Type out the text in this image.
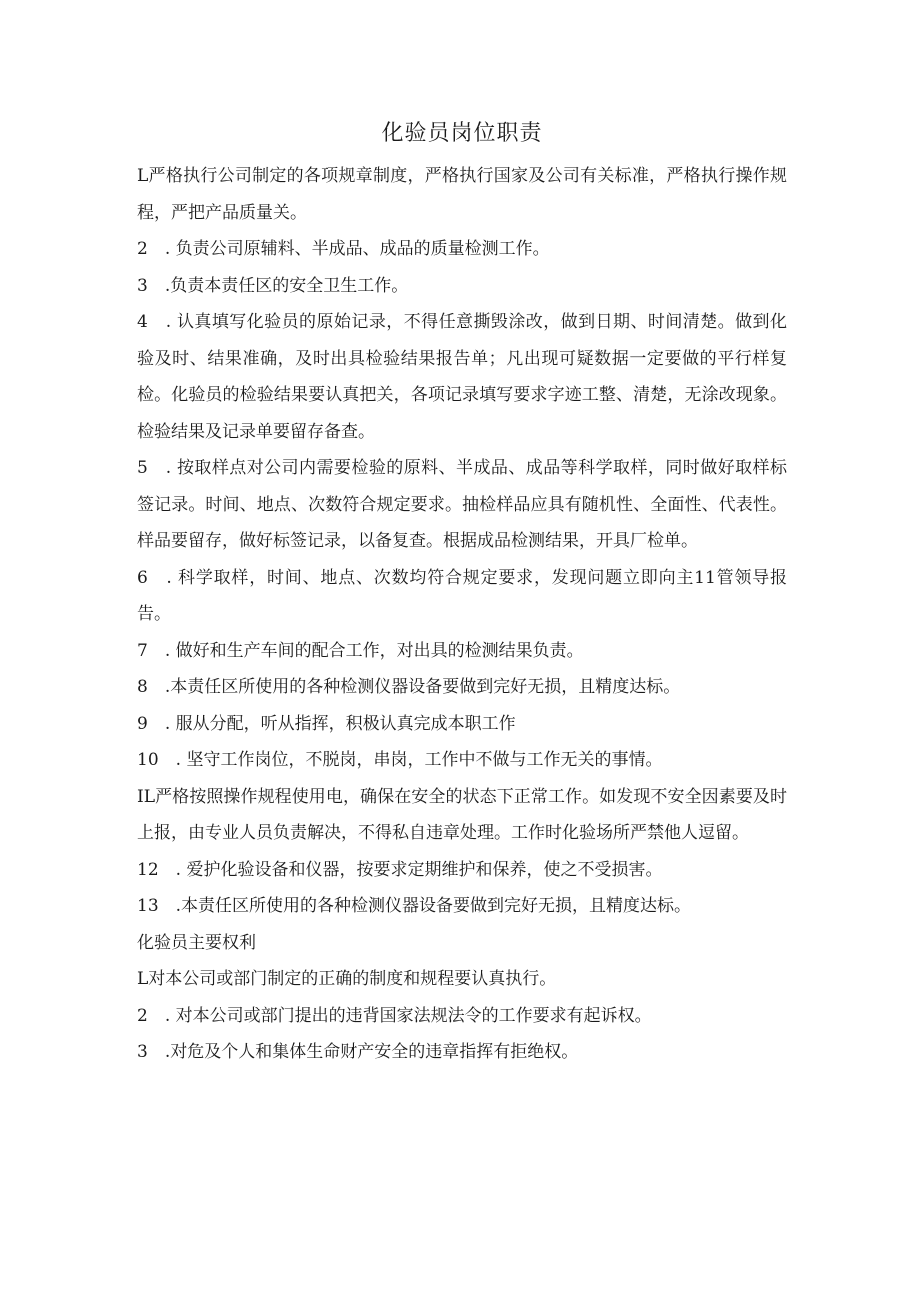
化验员岗位职责

L严格执行公司制定的各项规章制度，严格执行国家及公司有关标准，严格执行操作规程，严把产品质量关。

2　. 负责公司原辅料、半成品、成品的质量检测工作。

3　.负责本责任区的安全卫生工作。

4　. 认真填写化验员的原始记录，不得任意撕毁涂改，做到日期、时间清楚。做到化验及时、结果准确，及时出具检验结果报告单；凡出现可疑数据一定要做的平行样复检。化验员的检验结果要认真把关，各项记录填写要求字迹工整、清楚，无涂改现象。检验结果及记录单要留存备查。

5　. 按取样点对公司内需要检验的原料、半成品、成品等科学取样，同时做好取样标签记录。时间、地点、次数符合规定要求。抽检样品应具有随机性、全面性、代表性。样品要留存，做好标签记录，以备复查。根据成品检测结果，开具厂检单。

6　. 科学取样，时间、地点、次数均符合规定要求，发现问题立即向主11管领导报告。

7　. 做好和生产车间的配合工作，对出具的检测结果负责。

8　.本责任区所使用的各种检测仪器设备要做到完好无损，且精度达标。

9　. 服从分配，听从指挥，积极认真完成本职工作

10　. 坚守工作岗位，不脱岗，串岗，工作中不做与工作无关的事情。

IL严格按照操作规程使用电，确保在安全的状态下正常工作。如发现不安全因素要及时上报，由专业人员负责解决，不得私自违章处理。工作时化验场所严禁他人逗留。

12　. 爱护化验设备和仪器，按要求定期维护和保养，使之不受损害。

13　.本责任区所使用的各种检测仪器设备要做到完好无损，且精度达标。

化验员主要权利

L对本公司或部门制定的正确的制度和规程要认真执行。

2　. 对本公司或部门提出的违背国家法规法令的工作要求有起诉权。

3　.对危及个人和集体生命财产安全的违章指挥有拒绝权。
